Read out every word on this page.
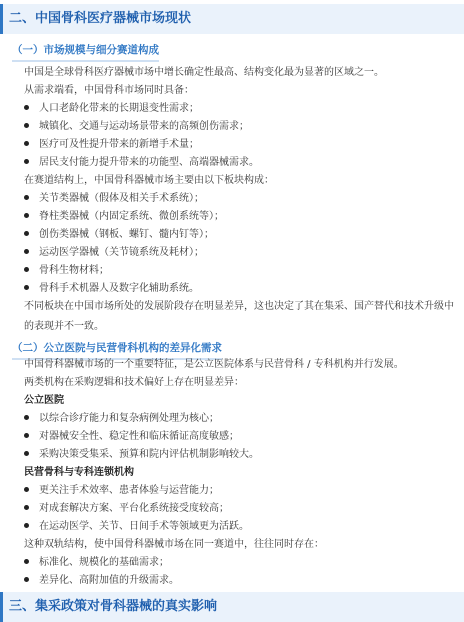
二、中国骨科医疗器械市场现状
（一）市场规模与细分赛道构成
中国是全球骨科医疗器械市场中增长确定性最高、结构变化最为显著的区域之一。
从需求端看，中国骨科市场同时具备：
人口老龄化带来的长期退变性需求；
城镇化、交通与运动场景带来的高频创伤需求；
医疗可及性提升带来的新增手术量；
居民支付能力提升带来的功能型、高端器械需求。
在赛道结构上，中国骨科器械市场主要由以下板块构成：
关节类器械（假体及相关手术系统）；
脊柱类器械（内固定系统、微创系统等）；
创伤类器械（钢板、螺钉、髓内钉等）；
运动医学器械（关节镜系统及耗材）；
骨科生物材料；
骨科手术机器人及数字化辅助系统。
不同板块在中国市场所处的发展阶段存在明显差异，这也决定了其在集采、国产替代和技术升级中的表现并不一致。
（二）公立医院与民营骨科机构的差异化需求
中国骨科器械市场的一个重要特征，是公立医院体系与民营骨科 / 专科机构并行发展。
两类机构在采购逻辑和技术偏好上存在明显差异：
公立医院
以综合诊疗能力和复杂病例处理为核心；
对器械安全性、稳定性和临床循证高度敏感；
采购决策受集采、预算和院内评估机制影响较大。
民营骨科与专科连锁机构
更关注手术效率、患者体验与运营能力；
对成套解决方案、平台化系统接受度较高；
在运动医学、关节、日间手术等领域更为活跃。
这种双轨结构，使中国骨科器械市场在同一赛道中，往往同时存在：
标准化、规模化的基础需求；
差异化、高附加值的升级需求。
三、集采政策对骨科器械的真实影响
